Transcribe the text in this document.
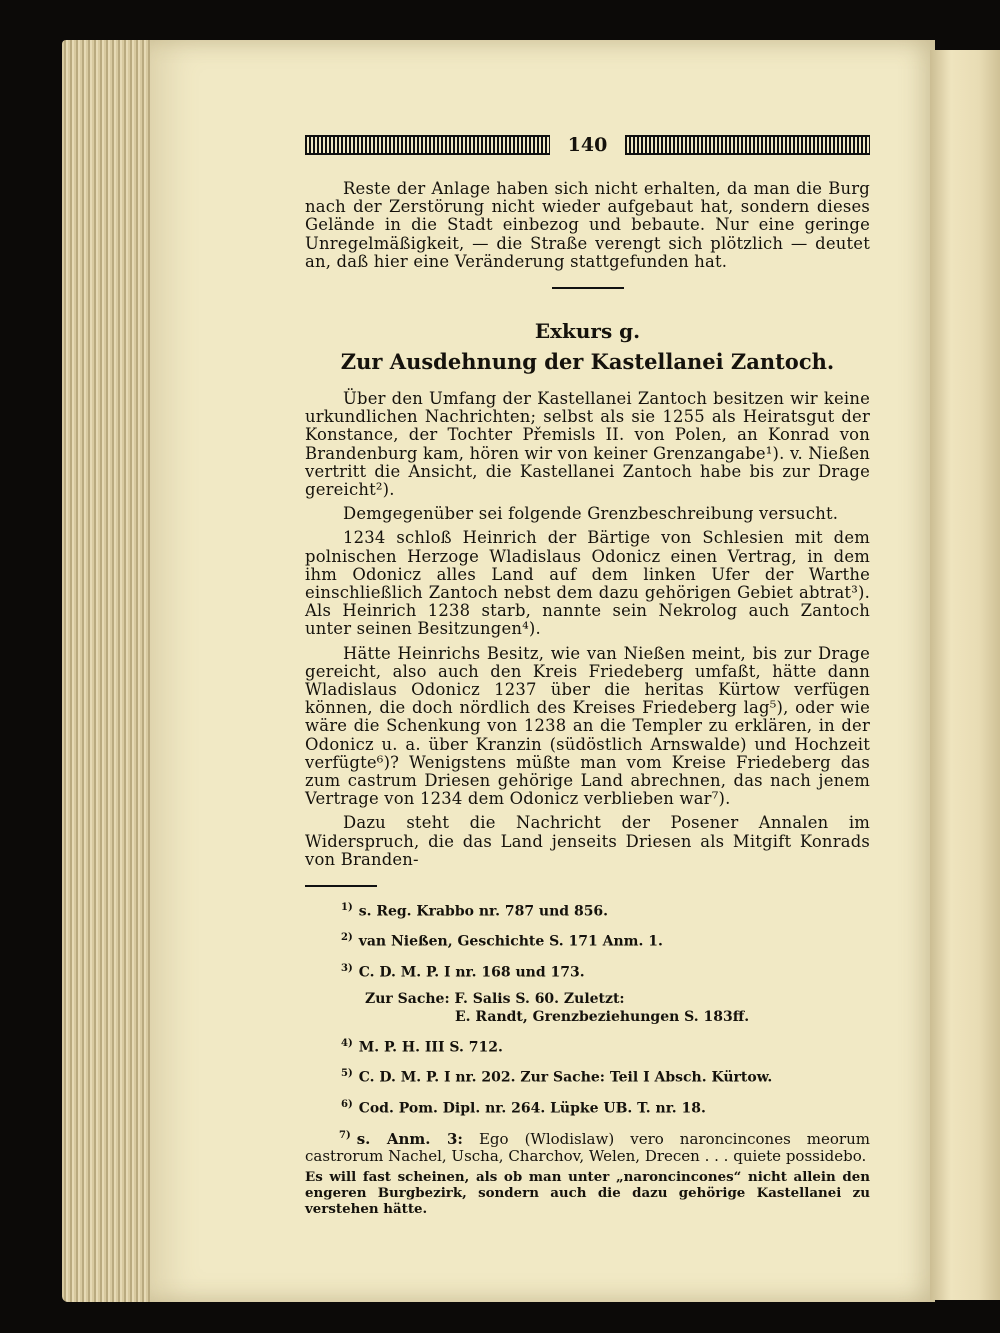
140

Reste der Anlage haben sich nicht erhalten, da man die Burg nach der Zerstörung nicht wieder aufgebaut hat, sondern dieses Gelände in die Stadt einbezog und bebaute. Nur eine geringe Unregelmäßigkeit, — die Straße verengt sich plötzlich — deutet an, daß hier eine Veränderung stattgefunden hat.

Exkurs g.
Zur Ausdehnung der Kastellanei Zantoch.

Über den Umfang der Kastellanei Zantoch besitzen wir keine urkundlichen Nachrichten; selbst als sie 1255 als Heiratsgut der Konstance, der Tochter Přemisls II. von Polen, an Konrad von Brandenburg kam, hören wir von keiner Grenzangabe¹). v. Nießen vertritt die Ansicht, die Kastellanei Zantoch habe bis zur Drage gereicht²).

Demgegenüber sei folgende Grenzbeschreibung versucht.

1234 schloß Heinrich der Bärtige von Schlesien mit dem polnischen Herzoge Wladislaus Odonicz einen Vertrag, in dem ihm Odonicz alles Land auf dem linken Ufer der Warthe einschließlich Zantoch nebst dem dazu gehörigen Gebiet abtrat³). Als Heinrich 1238 starb, nannte sein Nekrolog auch Zantoch unter seinen Besitzungen⁴).

Hätte Heinrichs Besitz, wie van Nießen meint, bis zur Drage gereicht, also auch den Kreis Friedeberg umfaßt, hätte dann Wladislaus Odonicz 1237 über die heritas Kürtow verfügen können, die doch nördlich des Kreises Friedeberg lag⁵), oder wie wäre die Schenkung von 1238 an die Templer zu erklären, in der Odonicz u. a. über Kranzin (südöstlich Arnswalde) und Hochzeit verfügte⁶)? Wenigstens müßte man vom Kreise Friedeberg das zum castrum Driesen gehörige Land abrechnen, das nach jenem Vertrage von 1234 dem Odonicz verblieben war⁷).

Dazu steht die Nachricht der Posener Annalen im Widerspruch, die das Land jenseits Driesen als Mitgift Konrads von Branden-

$^{1)}$ s. Reg. Krabbo nr. 787 und 856.
$^{2)}$ van Nießen, Geschichte S. 171 Anm. 1.
$^{3)}$ C. D. M. P. I nr. 168 und 173.
Zur Sache: F. Salis S. 60. Zuletzt:
E. Randt, Grenzbeziehungen S. 183ff.
$^{4)}$ M. P. H. III S. 712.
$^{5)}$ C. D. M. P. I nr. 202. Zur Sache: Teil I Absch. Kürtow.
$^{6)}$ Cod. Pom. Dipl. nr. 264. Lüpke UB. T. nr. 18.

$^{7)}$ s. Anm. 3: Ego (Wlodislaw) vero naroncincones meorum castrorum Nachel, Uscha, Charchov, Welen, Drecen . . . quiete possidebo.

Es will fast scheinen, als ob man unter „naroncincones“ nicht allein den engeren Burgbezirk, sondern auch die dazu gehörige Kastellanei zu verstehen hätte.
